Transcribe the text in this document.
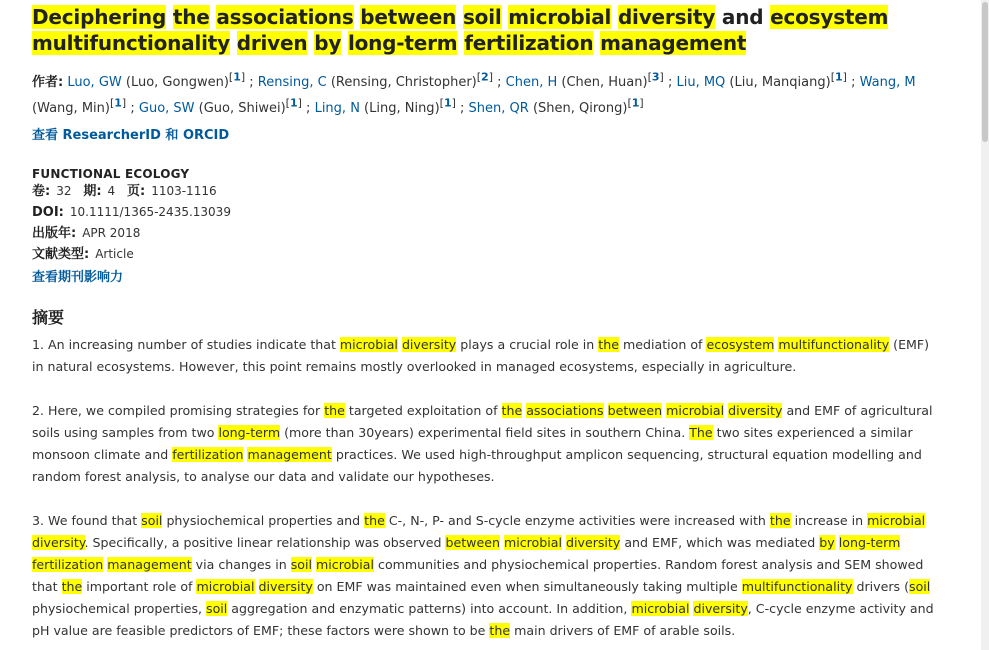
Deciphering the associations between soil microbial diversity and ecosystem multifunctionality driven by long-term fertilization management
作者: Luo, GW (Luo, Gongwen)[1] ; Rensing, C (Rensing, Christopher)[2] ; Chen, H (Chen, Huan)[3] ; Liu, MQ (Liu, Manqiang)[1] ; Wang, M (Wang, Min)[1] ; Guo, SW (Guo, Shiwei)[1] ; Ling, N (Ling, Ning)[1] ; Shen, QR (Shen, Qirong)[1]
查看 ResearcherID 和 ORCID
FUNCTIONAL ECOLOGY
卷: 32 期: 4 页: 1103-1116
DOI: 10.1111/1365-2435.13039
出版年: APR 2018
文献类型: Article
查看期刊影响力
摘要

1. An increasing number of studies indicate that microbial diversity plays a crucial role in the mediation of ecosystem multifunctionality (EMF) in natural ecosystems. However, this point remains mostly overlooked in managed ecosystems, especially in agriculture.

2. Here, we compiled promising strategies for the targeted exploitation of the associations between microbial diversity and EMF of agricultural soils using samples from two long-term (more than 30years) experimental field sites in southern China. The two sites experienced a similar monsoon climate and fertilization management practices. We used high-throughput amplicon sequencing, structural equation modelling and random forest analysis, to analyse our data and validate our hypotheses.

3. We found that soil physiochemical properties and the C-, N-, P- and S-cycle enzyme activities were increased with the increase in microbial diversity. Specifically, a positive linear relationship was observed between microbial diversity and EMF, which was mediated by long-term fertilization management via changes in soil microbial communities and physiochemical properties. Random forest analysis and SEM showed that the important role of microbial diversity on EMF was maintained even when simultaneously taking multiple multifunctionality drivers (soil physiochemical properties, soil aggregation and enzymatic patterns) into account. In addition, microbial diversity, C-cycle enzyme activity and pH value are feasible predictors of EMF; these factors were shown to be the main drivers of EMF of arable soils.
